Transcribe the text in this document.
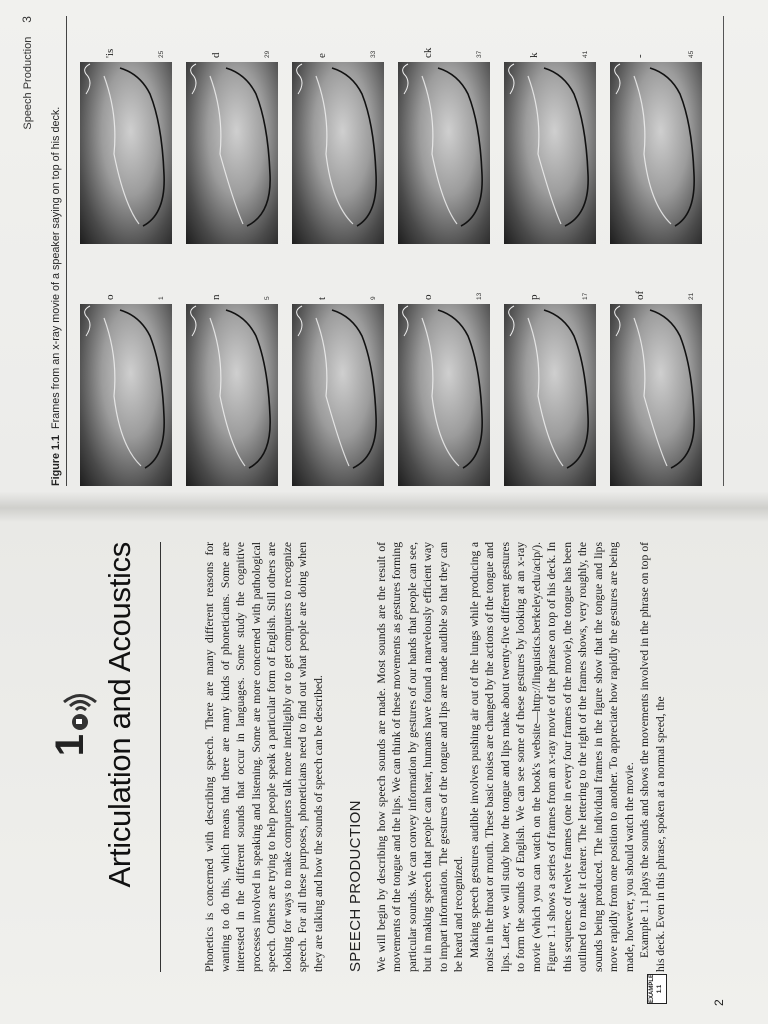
1 Articulation and Acoustics	Phonetics is concerned with describing speech. There are many different reasons for wanting to do this, which means that there are many kinds of phoneticians. Some are interested in the different sounds that occur in languages. Some study the cognitive processes involved in speaking and listening. Some are more concerned with pathological speech. Others are trying to help people speak a particular form of English. Still others are looking for ways to make computers talk more intelligibly or to get computers to recognize speech. For all these purposes, phoneticians need to find out what people are doing when they are talking and how the sounds of speech can be described. SPEECH PRODUCTION We will begin by describing how speech sounds are made. Most sounds are the result of movements of the tongue and the lips. We can think of these movements as gestures forming particular sounds. We can convey information by gestures of our hands that people can see, but in making speech that people can hear, humans have found a marvelously efficient way to impart information. The gestures of the tongue and lips are made audible so that they can be heard and recognized. Making speech gestures audible involves pushing air out of the lungs while producing a noise in the throat or mouth. These basic noises are changed by the actions of the tongue and lips. Later, we will study how the tongue and lips make about twenty-five different gestures to form the sounds of English. We can see some of these gestures by looking at an x-ray movie (which you can watch on the book's website—http://linguistics.berkeley.edu/acip/). Figure 1.1 shows a series of frames from an x-ray movie of the phrase on top of his deck. In this sequence of twelve frames (one in every four frames of the movie), the tongue has been outlined to make it clearer. The lettering to the right of the frames shows, very roughly, the sounds being produced. The individual frames in the figure show that the tongue and lips move rapidly from one position to another. To appreciate how rapidly the gestures are being made, however, you should watch the movie. Example 1.1 plays the sounds and shows the movements involved in the phrase on top of his deck. Even in this phrase, spoken at a normal speed, the

EXAMPLE 1.1
2
Speech Production3
Figure 1.1  Frames from an x-ray movie of a speaker saying on top of his deck.	o	1	n	5	t	9	o	13	p	17	of	21
'is	25	d	29	e	33	ck	37	k	41	-	45
